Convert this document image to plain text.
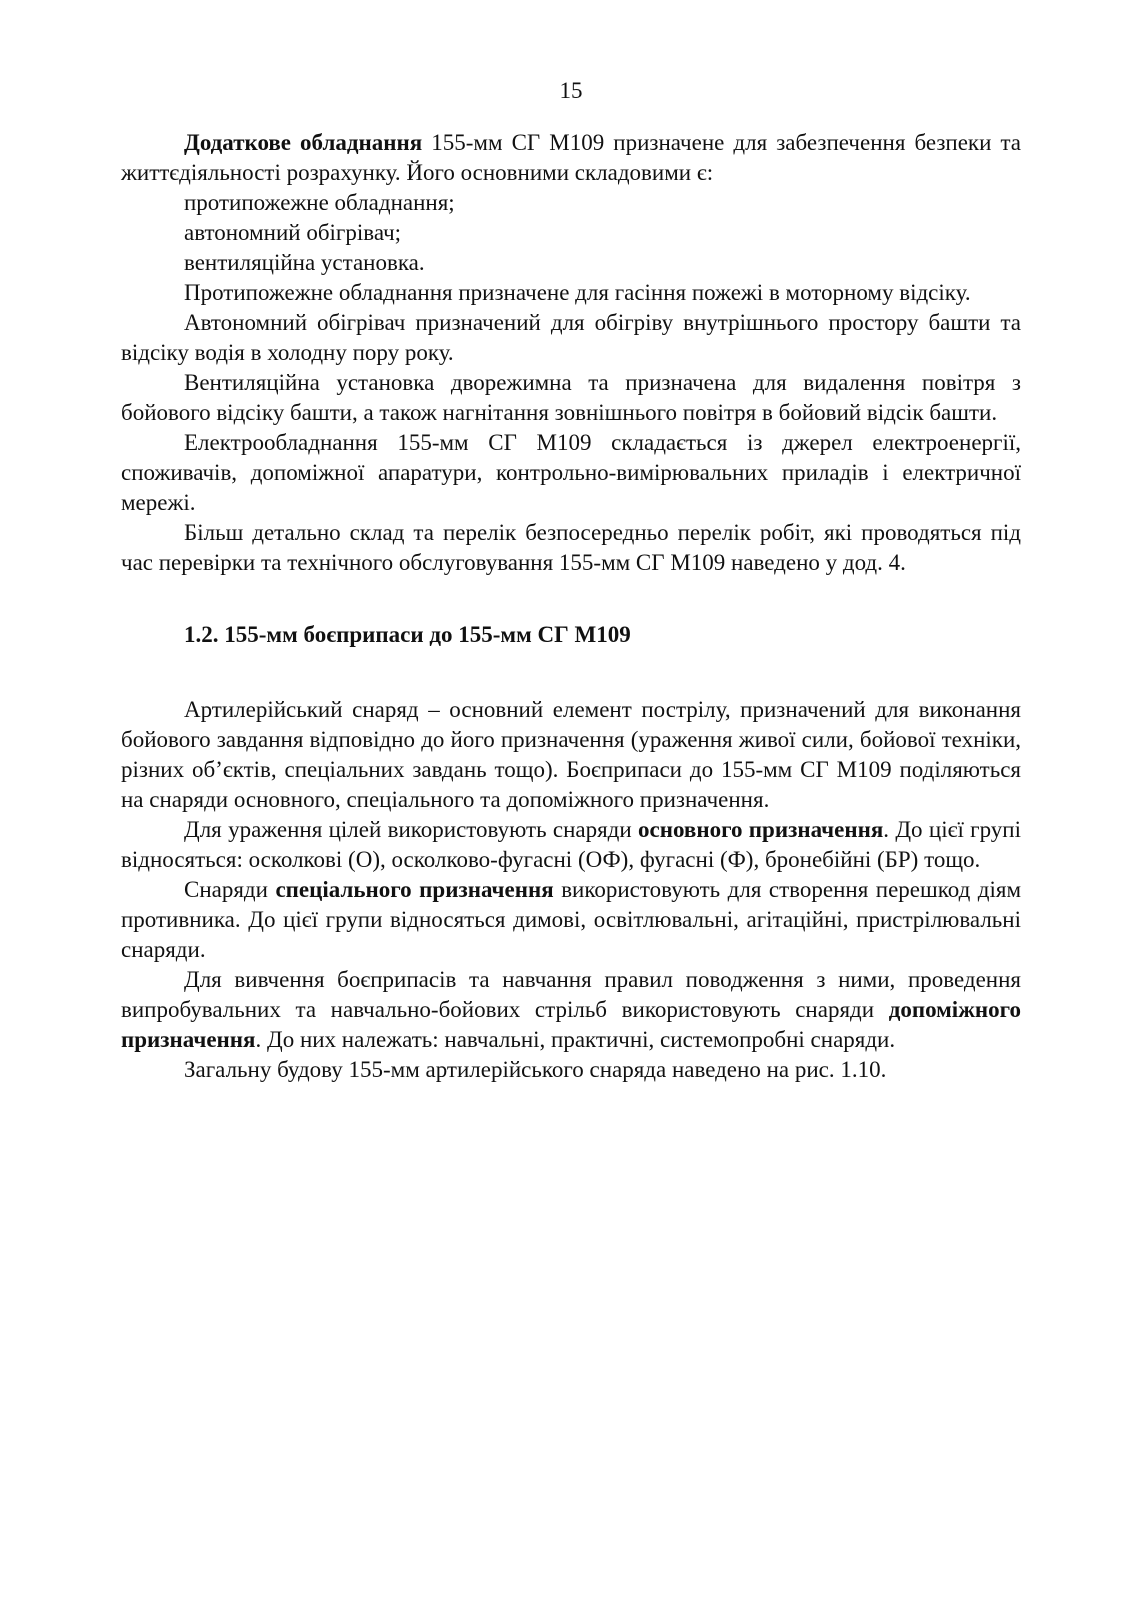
15

Додаткове обладнання 155-мм СГ М109 призначене для забезпечення безпеки та життєдіяльності розрахунку. Його основними складовими є:

протипожежне обладнання;

автономний обігрівач;

вентиляційна установка.

Протипожежне обладнання призначене для гасіння пожежі в моторному відсіку.

Автономний обігрівач призначений для обігріву внутрішнього простору башти та відсіку водія в холодну пору року.

Вентиляційна установка дворежимна та призначена для видалення повітря з бойового відсіку башти, а також нагнітання зовнішнього повітря в бойовий відсік башти.

Електрообладнання 155-мм СГ М109 складається із джерел електроенергії, споживачів, допоміжної апаратури, контрольно-вимірювальних приладів і електричної мережі.

Більш детально склад та перелік безпосередньо перелік робіт, які проводяться під час перевірки та технічного обслуговування 155-мм СГ М109 наведено у дод. 4.

1.2. 155-мм боєприпаси до 155-мм СГ М109

Артилерійський снаряд – основний елемент пострілу, призначений для виконання бойового завдання відповідно до його призначення (ураження живої сили, бойової техніки, різних об’єктів, спеціальних завдань тощо). Боєприпаси до 155-мм СГ М109 поділяються на снаряди основного, спеціального та допоміжного призначення.

Для ураження цілей використовують снаряди основного призначення. До цієї групі відносяться: осколкові (О), осколково-фугасні (ОФ), фугасні (Ф), бронебійні (БР) тощо.

Снаряди спеціального призначення використовують для створення перешкод діям противника. До цієї групи відносяться димові, освітлювальні, агітаційні, пристрілювальні снаряди.

Для вивчення боєприпасів та навчання правил поводження з ними, проведення випробувальних та навчально-бойових стрільб використовують снаряди допоміжного призначення. До них належать: навчальні, практичні, системопробні снаряди.

Загальну будову 155-мм артилерійського снаряда наведено на рис. 1.10.
